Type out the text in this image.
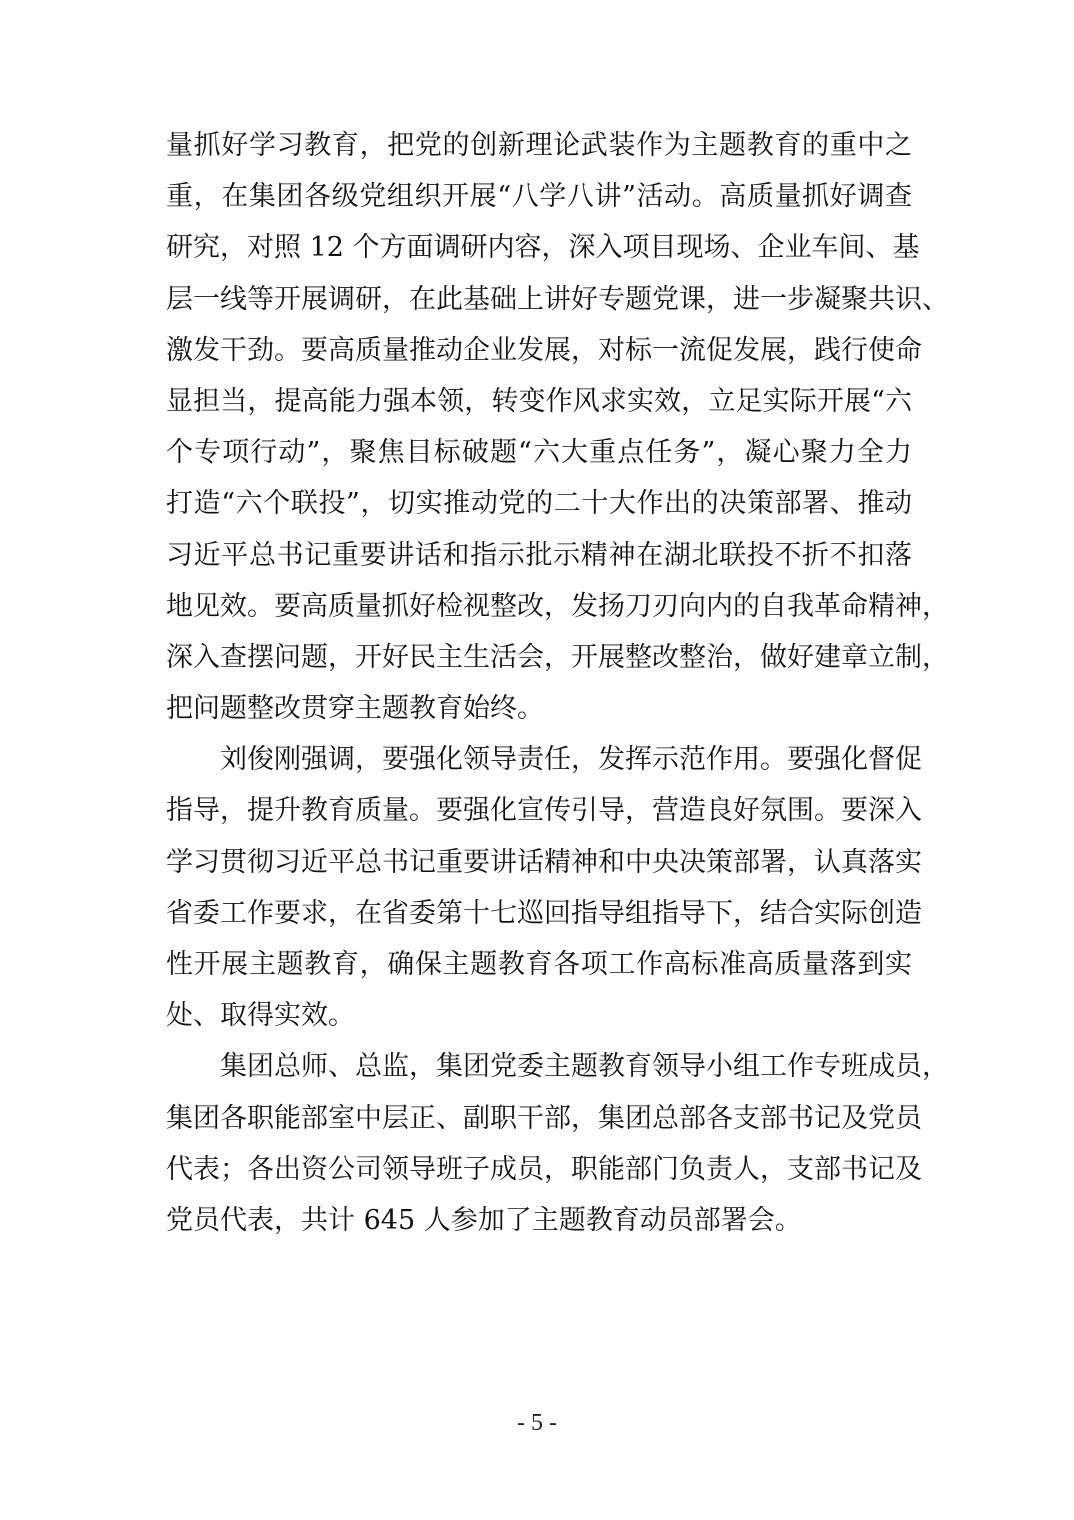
量抓好学习教育，把党的创新理论武装作为主题教育的重中之
重，在集团各级党组织开展“八学八讲”活动。高质量抓好调查
研究，对照 12 个方面调研内容，深入项目现场、企业车间、基
层一线等开展调研，在此基础上讲好专题党课，进一步凝聚共识、
激发干劲。要高质量推动企业发展，对标一流促发展，践行使命
显担当，提高能力强本领，转变作风求实效，立足实际开展“六
个专项行动”，聚焦目标破题“六大重点任务”，凝心聚力全力
打造“六个联投”，切实推动党的二十大作出的决策部署、推动
习近平总书记重要讲话和指示批示精神在湖北联投不折不扣落
地见效。要高质量抓好检视整改，发扬刀刃向内的自我革命精神，
深入查摆问题，开好民主生活会，开展整改整治，做好建章立制，
把问题整改贯穿主题教育始终。
刘俊刚强调，要强化领导责任，发挥示范作用。要强化督促
指导，提升教育质量。要强化宣传引导，营造良好氛围。要深入
学习贯彻习近平总书记重要讲话精神和中央决策部署，认真落实
省委工作要求，在省委第十七巡回指导组指导下，结合实际创造
性开展主题教育，确保主题教育各项工作高标准高质量落到实
处、取得实效。
集团总师、总监，集团党委主题教育领导小组工作专班成员，
集团各职能部室中层正、副职干部，集团总部各支部书记及党员
代表；各出资公司领导班子成员，职能部门负责人，支部书记及
党员代表，共计 645 人参加了主题教育动员部署会。
- 5 -
